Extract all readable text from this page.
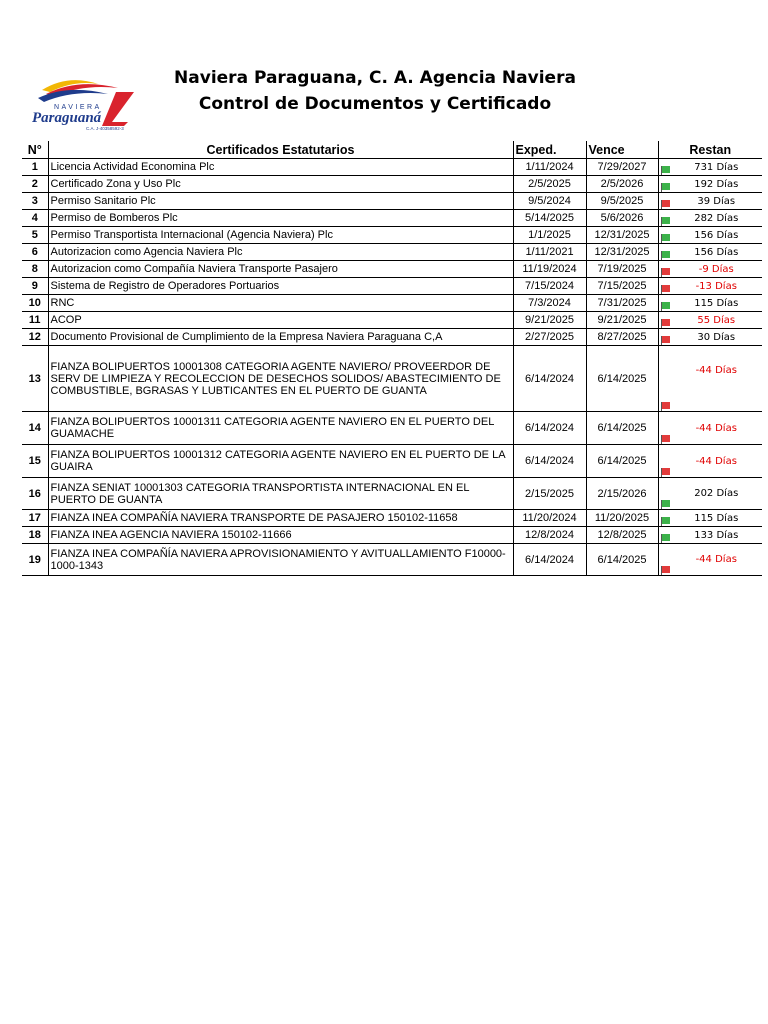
NAVIERA
Paraguaná
C.A. J-40358592-3
Naviera Paraguana, C. A. Agencia Naviera
Control de Documentos y Certificado
N°	Certificados Estatutarios	Exped.	Vence	Restan
1	Licencia Actividad Economina Plc	1/11/2024	7/29/2027	731 Días
2	Certificado Zona y Uso Plc	2/5/2025	2/5/2026	192 Días
3	Permiso Sanitario Plc	9/5/2024	9/5/2025	39 Días
4	Permiso de Bomberos Plc	5/14/2025	5/6/2026	282 Días
5	Permiso Transportista Internacional (Agencia Naviera) Plc	1/1/2025	12/31/2025	156 Días
6	Autorizacion como Agencia Naviera Plc	1/11/2021	12/31/2025	156 Días
8	Autorizacion como Compañía Naviera Transporte Pasajero	11/19/2024	7/19/2025	-9 Días
9	Sistema de Registro de Operadores Portuarios	7/15/2024	7/15/2025	-13 Días
10	RNC	7/3/2024	7/31/2025	115 Días
11	ACOP	9/21/2025	9/21/2025	55 Días
12	Documento Provisional de Cumplimiento de la Empresa Naviera Paraguana C,A	2/27/2025	8/27/2025	30 Días
13	FIANZA BOLIPUERTOS 10001308 CATEGORIA AGENTE NAVIERO/ PROVEERDOR DE SERV DE LIMPIEZA Y RECOLECCION DE DESECHOS SOLIDOS/ ABASTECIMIENTO DE COMBUSTIBLE, BGRASAS Y LUBTICANTES EN EL PUERTO DE GUANTA	6/14/2024	6/14/2025	-44 Días
14	FIANZA BOLIPUERTOS 10001311 CATEGORIA AGENTE NAVIERO EN EL PUERTO DEL GUAMACHE	6/14/2024	6/14/2025	-44 Días
15	FIANZA BOLIPUERTOS 10001312 CATEGORIA AGENTE NAVIERO EN EL PUERTO DE LA GUAIRA	6/14/2024	6/14/2025	-44 Días
16	FIANZA SENIAT 10001303 CATEGORIA TRANSPORTISTA INTERNACIONAL EN EL PUERTO DE GUANTA	2/15/2025	2/15/2026	202 Días
17	FIANZA INEA COMPAÑÍA NAVIERA TRANSPORTE DE PASAJERO 150102-11658	11/20/2024	11/20/2025	115 Días
18	FIANZA INEA AGENCIA NAVIERA 150102-11666	12/8/2024	12/8/2025	133 Días
19	FIANZA INEA COMPAÑÍA NAVIERA APROVISIONAMIENTO Y AVITUALLAMIENTO F10000-1000-1343	6/14/2024	6/14/2025	-44 Días
